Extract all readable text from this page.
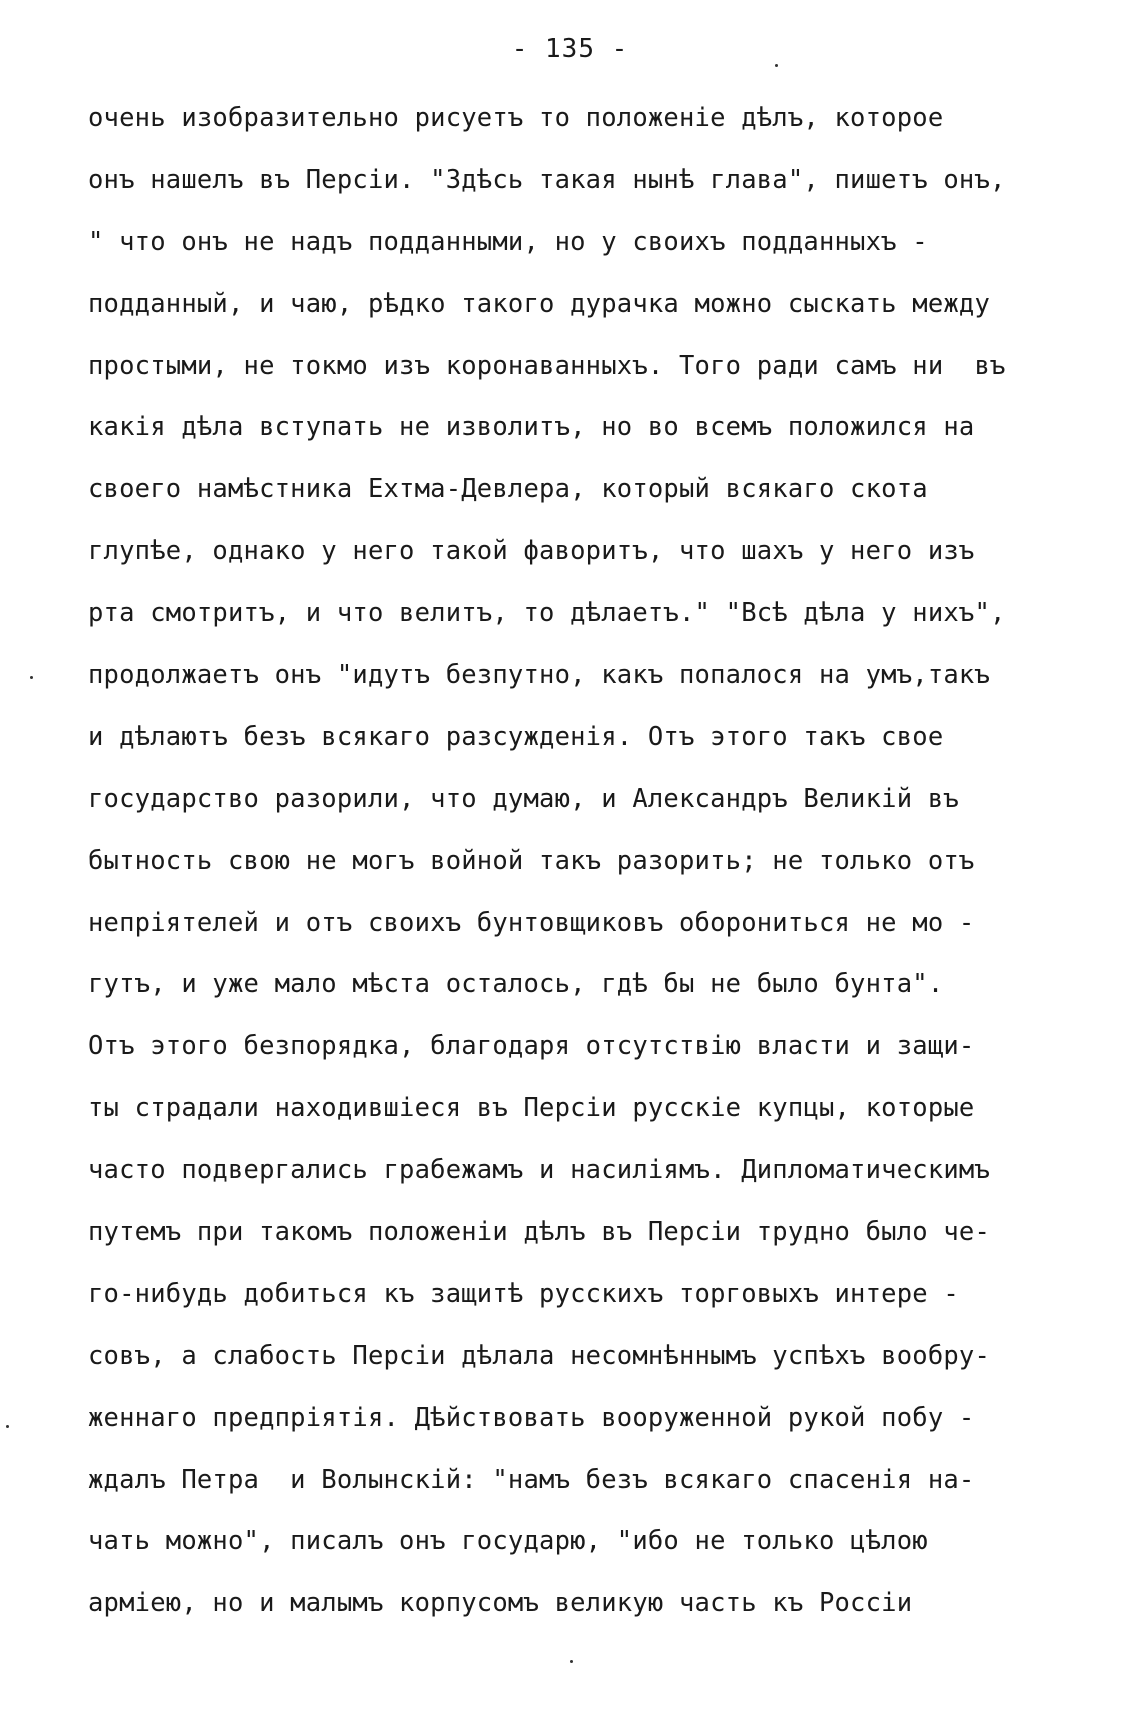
- 135 -
очень изобразительно рисуетъ то положеніе дѣлъ, которое
онъ нашелъ въ Персіи. "Здѣсь такая нынѣ глава", пишетъ онъ,
" что онъ не надъ подданными, но у своихъ подданныхъ -
подданный, и чаю, рѣдко такого дурачка можно сыскать между
простыми, не токмо изъ коронаванныхъ. Того ради самъ ни  въ
какія дѣла вступать не изволитъ, но во всемъ положился на
своего намѣстника Ехтма-Девлера, который всякаго скота
глупѣе, однако у него такой фаворитъ, что шахъ у него изъ
рта смотритъ, и что велитъ, то дѣлаетъ." "Всѣ дѣла у нихъ",
продолжаетъ онъ "идутъ безпутно, какъ попалося на умъ,такъ
и дѣлаютъ безъ всякаго разсужденія. Отъ этого такъ свое
государство разорили, что думаю, и Александръ Великій въ
бытность свою не могъ войной такъ разорить; не только отъ
непріятелей и отъ своихъ бунтовщиковъ оборониться не мо -
гутъ, и уже мало мѣста осталось, гдѣ бы не было бунта".
Отъ этого безпорядка, благодаря отсутствію власти и защи-
ты страдали находившіеся въ Персіи русскіе купцы, которые
часто подвергались грабежамъ и насиліямъ. Дипломатическимъ
путемъ при такомъ положеніи дѣлъ въ Персіи трудно было че-
го-нибудь добиться къ защитѣ русскихъ торговыхъ интере -
совъ, а слабость Персіи дѣлала несомнѣннымъ успѣхъ вообру-
женнаго предпріятія. Дѣйствовать вооруженной рукой побу -
ждалъ Петра  и Волынскій: "намъ безъ всякаго спасенія на-
чать можно", писалъ онъ государю, "ибо не только цѣлою
арміею, но и малымъ корпусомъ великую часть къ Россіи
